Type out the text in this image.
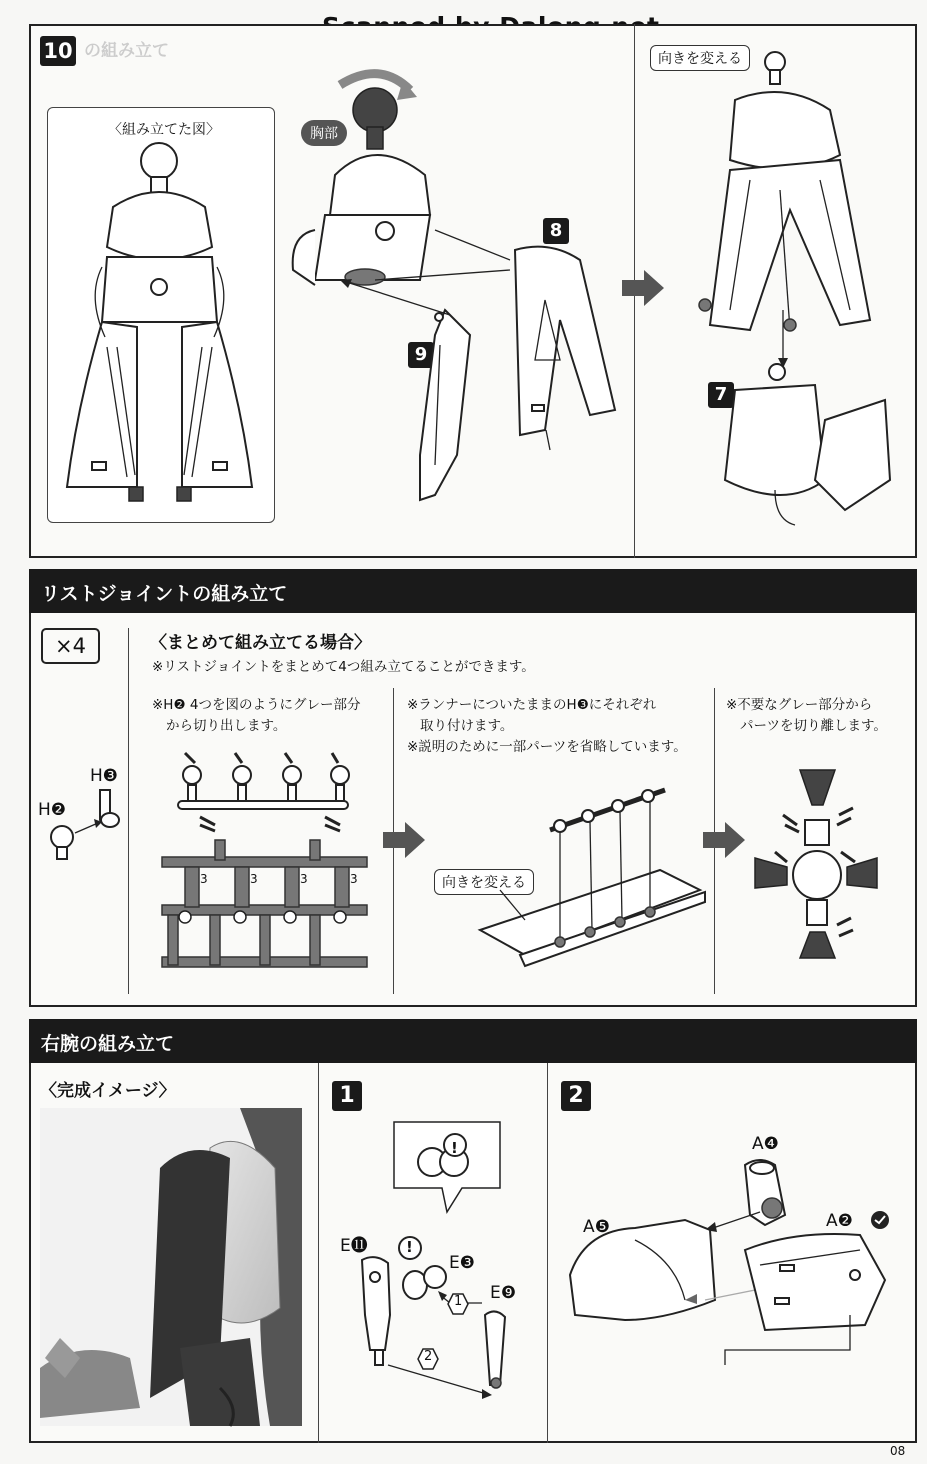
10 の組み立て
〈組み立てた図〉	胸部
8
9
向きを変える
7
リストジョイントの組み立て
×4	〈まとめて組み立てる場合〉
※リストジョイントをまとめて4つ組み立てることができます。
H❸
H❷
※H❷ 4つを図のようにグレー部分
から切り出します。
3	3	3	3
※ランナーについたままのH❸にそれぞれ
取り付けます。
※説明のために一部パーツを省略しています。
向きを変える
※不要なグレー部分から
パーツを切り離します。
右腕の組み立て
〈完成イメージ〉	1
!
E⓫
E❸
E❾
!
1
2
2
A❹
A❺	A❷
08
